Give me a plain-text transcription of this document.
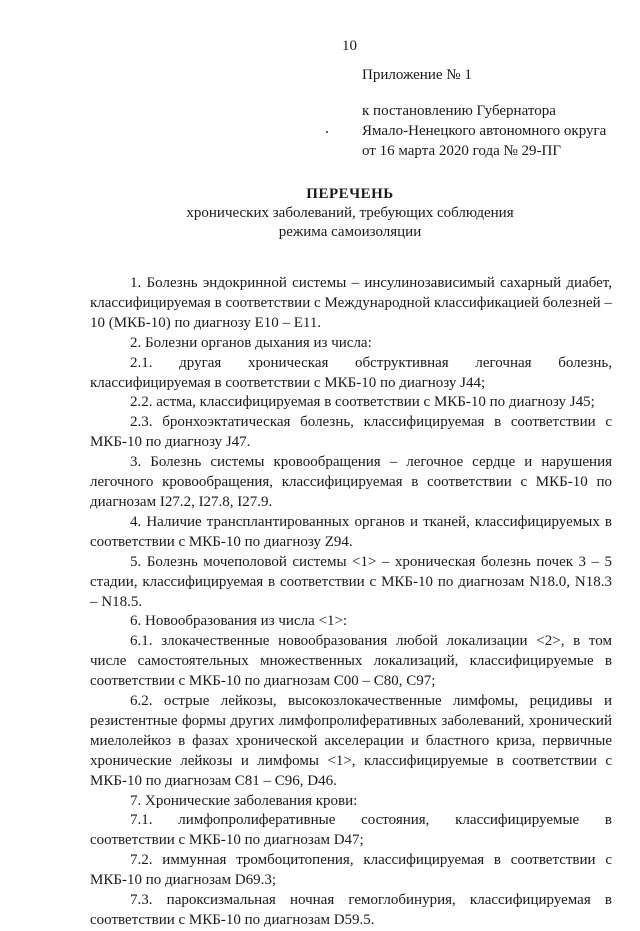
10
Приложение № 1
к постановлению Губернатора
Ямало-Ненецкого автономного округа
от 16 марта 2020 года № 29-ПГ
ПЕРЕЧЕНЬ
хронических заболеваний, требующих соблюдения
режима самоизоляции

1. Болезнь эндокринной системы – инсулинозависимый сахарный диабет, классифицируемая в соответствии с Международной классификацией болезней – 10 (МКБ-10) по диагнозу E10 – E11.

2. Болезни органов дыхания из числа:

2.1. другая хроническая обструктивная легочная болезнь, классифицируемая в соответствии с МКБ-10 по диагнозу J44;

2.2. астма, классифицируемая в соответствии с МКБ-10 по диагнозу J45;

2.3. бронхоэктатическая болезнь, классифицируемая в соответствии с МКБ-10 по диагнозу J47.

3. Болезнь системы кровообращения – легочное сердце и нарушения легочного кровообращения, классифицируемая в соответствии с МКБ-10 по диагнозам I27.2, I27.8, I27.9.

4. Наличие трансплантированных органов и тканей, классифицируемых в соответствии с МКБ-10 по диагнозу Z94.

5. Болезнь мочеполовой системы <1> – хроническая болезнь почек 3 – 5 стадии, классифицируемая в соответствии с МКБ-10 по диагнозам N18.0, N18.3 – N18.5.

6. Новообразования из числа <1>:

6.1. злокачественные новообразования любой локализации <2>, в том числе самостоятельных множественных локализаций, классифицируемые в соответствии с МКБ-10 по диагнозам C00 – C80, C97;

6.2. острые лейкозы, высокозлокачественные лимфомы, рецидивы и резистентные формы других лимфопролиферативных заболеваний, хронический миелолейкоз в фазах хронической акселерации и бластного криза, первичные хронические лейкозы и лимфомы <1>, классифицируемые в соответствии с МКБ-10 по диагнозам C81 – C96, D46.

7. Хронические заболевания крови:

7.1. лимфопролиферативные состояния, классифицируемые в соответствии с МКБ-10 по диагнозам D47;

7.2. иммунная тромбоцитопения, классифицируемая в соответствии с МКБ-10 по диагнозам D69.3;

7.3. пароксизмальная ночная гемоглобинурия, классифицируемая в соответствии с МКБ-10 по диагнозам D59.5.
